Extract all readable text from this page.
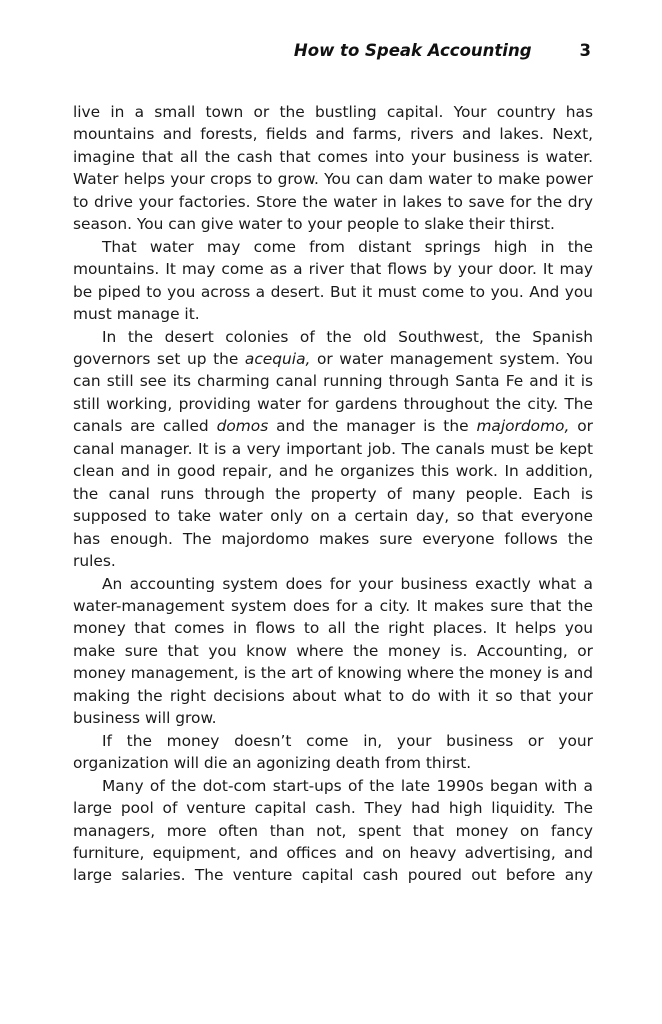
How to Speak Accounting	3

live in a small town or the bustling capital. Your country has mountains and forests, fields and farms, rivers and lakes. Next, imagine that all the cash that comes into your business is water. Water helps your crops to grow. You can dam water to make power to drive your factories. Store the water in lakes to save for the dry season. You can give water to your people to slake their thirst.

That water may come from distant springs high in the mountains. It may come as a river that flows by your door. It may be piped to you across a desert. But it must come to you. And you must manage it.

In the desert colonies of the old Southwest, the Spanish governors set up the acequia, or water management system. You can still see its charming canal running through Santa Fe and it is still working, providing water for gardens throughout the city. The canals are called domos and the manager is the majordomo, or canal manager. It is a very important job. The canals must be kept clean and in good repair, and he organizes this work. In addition, the canal runs through the property of many people. Each is supposed to take water only on a certain day, so that everyone has enough. The majordomo makes sure everyone follows the rules.

An accounting system does for your business exactly what a water-management system does for a city. It makes sure that the money that comes in flows to all the right places. It helps you make sure that you know where the money is. Accounting, or money management, is the art of knowing where the money is and making the right decisions about what to do with it so that your business will grow.

If the money doesn’t come in, your business or your organization will die an agonizing death from thirst.

Many of the dot-com start-ups of the late 1990s began with a large pool of venture capital cash. They had high liquidity. The managers, more often than not, spent that money on fancy furniture, equipment, and offices and on heavy advertising, and large salaries. The venture capital cash poured out before any
